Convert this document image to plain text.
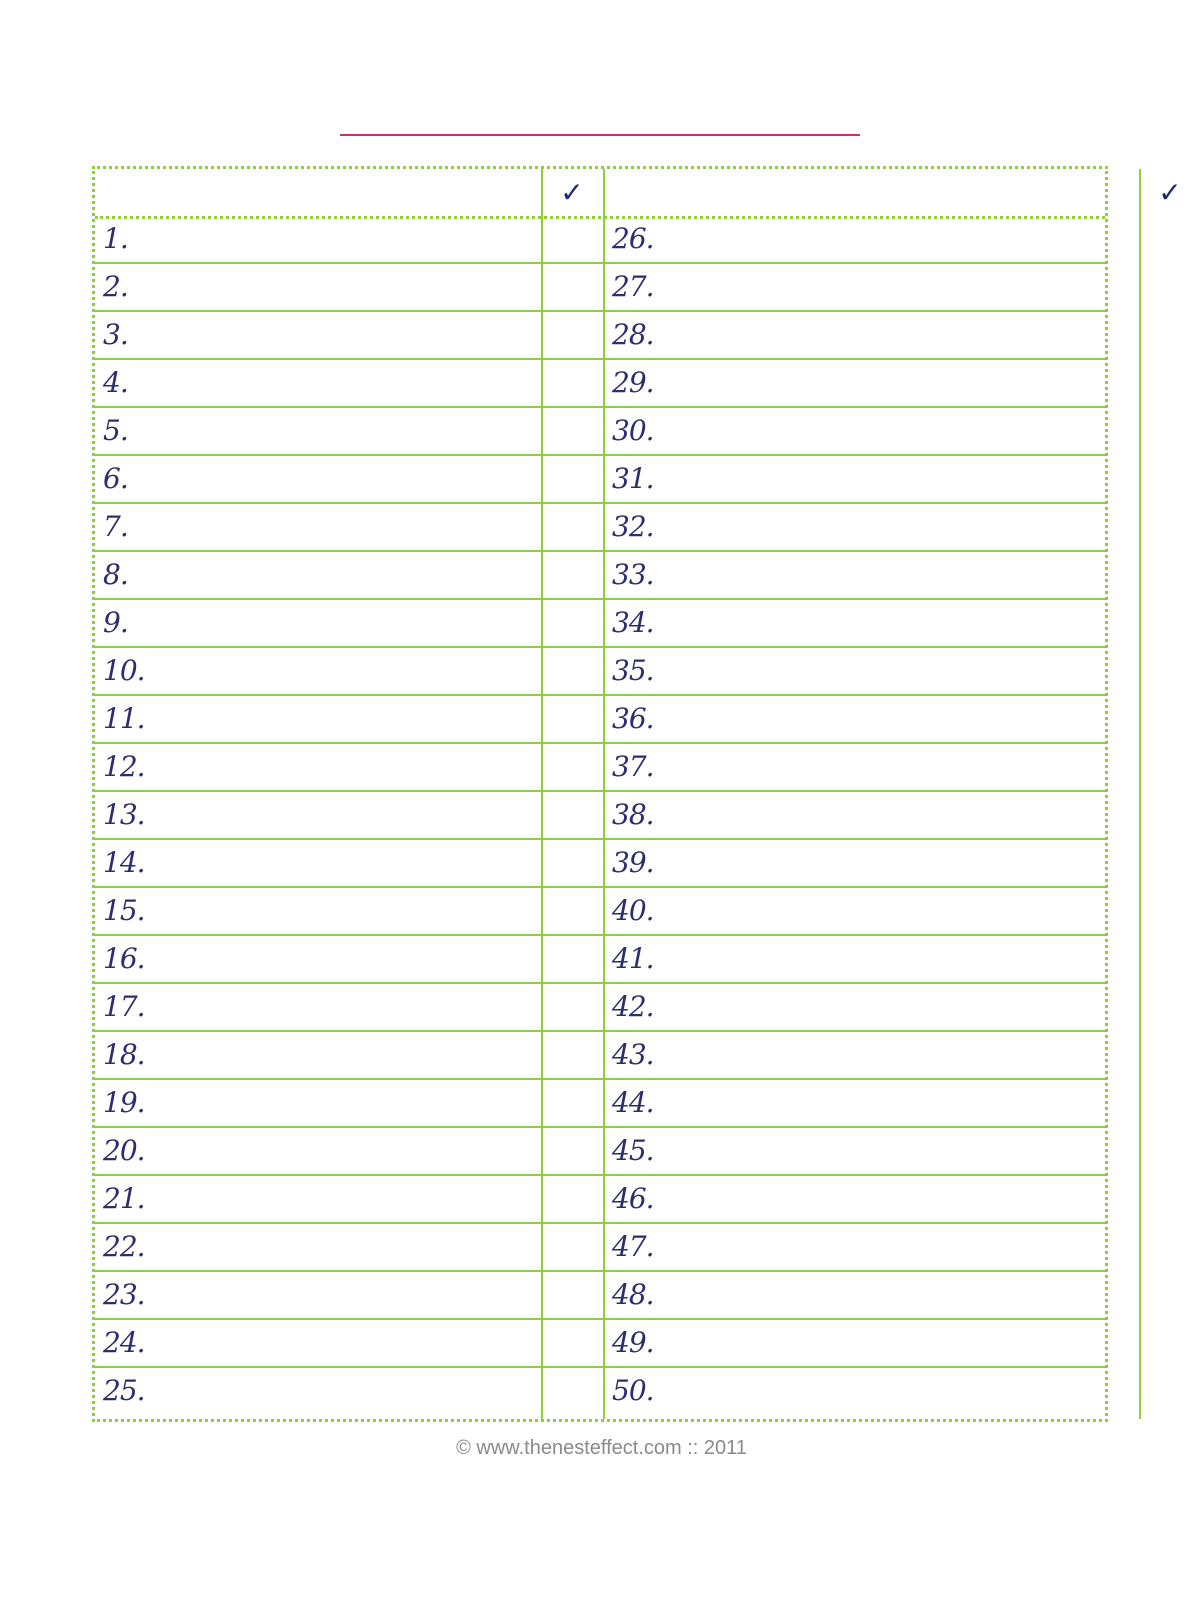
✓	✓
1.	26.
2.	27.
3.	28.
4.	29.
5.	30.
6.	31.
7.	32.
8.	33.
9.	34.
10.	35.
11.	36.
12.	37.
13.	38.
14.	39.
15.	40.
16.	41.
17.	42.
18.	43.
19.	44.
20.	45.
21.	46.
22.	47.
23.	48.
24.	49.
25.	50.
© www.thenesteffect.com :: 2011
